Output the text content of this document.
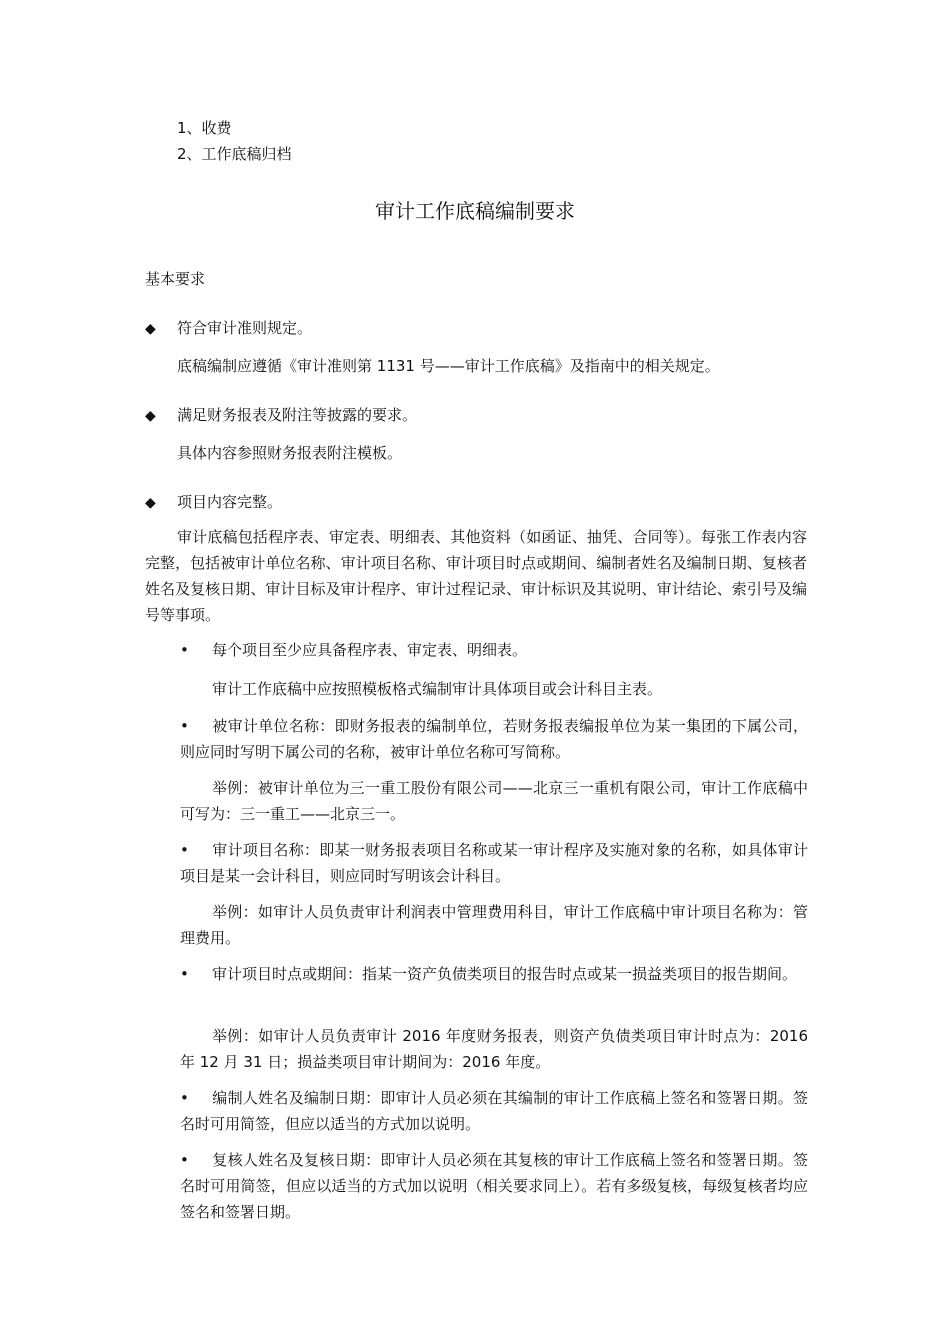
1、收费
2、工作底稿归档
审计工作底稿编制要求
基本要求
◆ 符合审计准则规定。
底稿编制应遵循《审计准则第 1131 号——审计工作底稿》及指南中的相关规定。
◆ 满足财务报表及附注等披露的要求。
具体内容参照财务报表附注模板。
◆ 项目内容完整。
审计底稿包括程序表、审定表、明细表、其他资料（如函证、抽凭、合同等）。每张工作表内容完整，包括被审计单位名称、审计项目名称、审计项目时点或期间、编制者姓名及编制日期、复核者姓名及复核日期、审计目标及审计程序、审计过程记录、审计标识及其说明、审计结论、索引号及编号等事项。
• 每个项目至少应具备程序表、审定表、明细表。
审计工作底稿中应按照模板格式编制审计具体项目或会计科目主表。
• 被审计单位名称：即财务报表的编制单位，若财务报表编报单位为某一集团的下属公司，则应同时写明下属公司的名称，被审计单位名称可写简称。
举例：被审计单位为三一重工股份有限公司——北京三一重机有限公司，审计工作底稿中可写为：三一重工——北京三一。
• 审计项目名称：即某一财务报表项目名称或某一审计程序及实施对象的名称，如具体审计项目是某一会计科目，则应同时写明该会计科目。
举例：如审计人员负责审计利润表中管理费用科目，审计工作底稿中审计项目名称为：管理费用。
• 审计项目时点或期间：指某一资产负债类项目的报告时点或某一损益类项目的报告期间。
举例：如审计人员负责审计 2016 年度财务报表，则资产负债类项目审计时点为：2016 年 12 月 31 日；损益类项目审计期间为：2016 年度。
• 编制人姓名及编制日期：即审计人员必须在其编制的审计工作底稿上签名和签署日期。签名时可用简签，但应以适当的方式加以说明。
• 复核人姓名及复核日期：即审计人员必须在其复核的审计工作底稿上签名和签署日期。签名时可用简签，但应以适当的方式加以说明（相关要求同上）。若有多级复核，每级复核者均应签名和签署日期。
